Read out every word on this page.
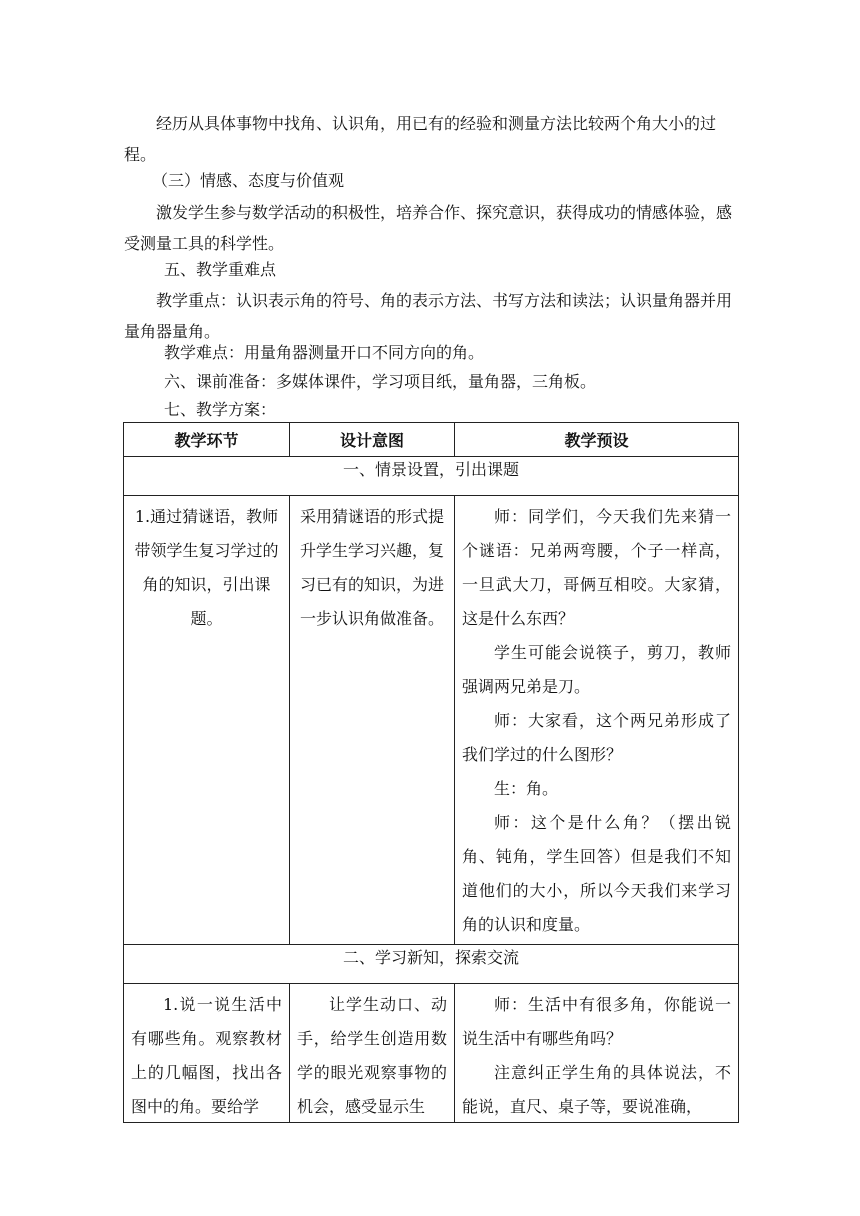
经历从具体事物中找角、认识角，用已有的经验和测量方法比较两个角大小的过程。

（三）情感、态度与价值观

激发学生参与数学活动的积极性，培养合作、探究意识，获得成功的情感体验，感受测量工具的科学性。

五、教学重难点

教学重点：认识表示角的符号、角的表示方法、书写方法和读法；认识量角器并用量角器量角。

教学难点：用量角器测量开口不同方向的角。

六、课前准备：多媒体课件，学习项目纸，量角器，三角板。

七、教学方案：

教学环节	设计意图	教学预设
一、情景设置，引出课题		

1.通过猜谜语，教师带领学生复习学过的角的知识，引出课题。	采用猜谜语的形式提升学生学习兴趣，复习已有的知识，为进一步认识角做准备。	师：同学们，今天我们先来猜一个谜语：兄弟两弯腰，个子一样高，一旦武大刀，哥俩互相咬。大家猜，这是什么东西？

学生可能会说筷子，剪刀，教师强调两兄弟是刀。

师：大家看，这个两兄弟形成了我们学过的什么图形？

生：角。

师：这个是什么角？（摆出锐角、钝角，学生回答）但是我们不知道他们的大小，所以今天我们来学习角的认识和度量。

二、学习新知，探索交流		

1.说一说生活中有哪些角。观察教材上的几幅图，找出各图中的角。要给学	让学生动口、动手，给学生创造用数学的眼光观察事物的机会，感受显示生	师：生活中有很多角，你能说一说生活中有哪些角吗？

注意纠正学生角的具体说法，不能说，直尺、桌子等，要说准确，
